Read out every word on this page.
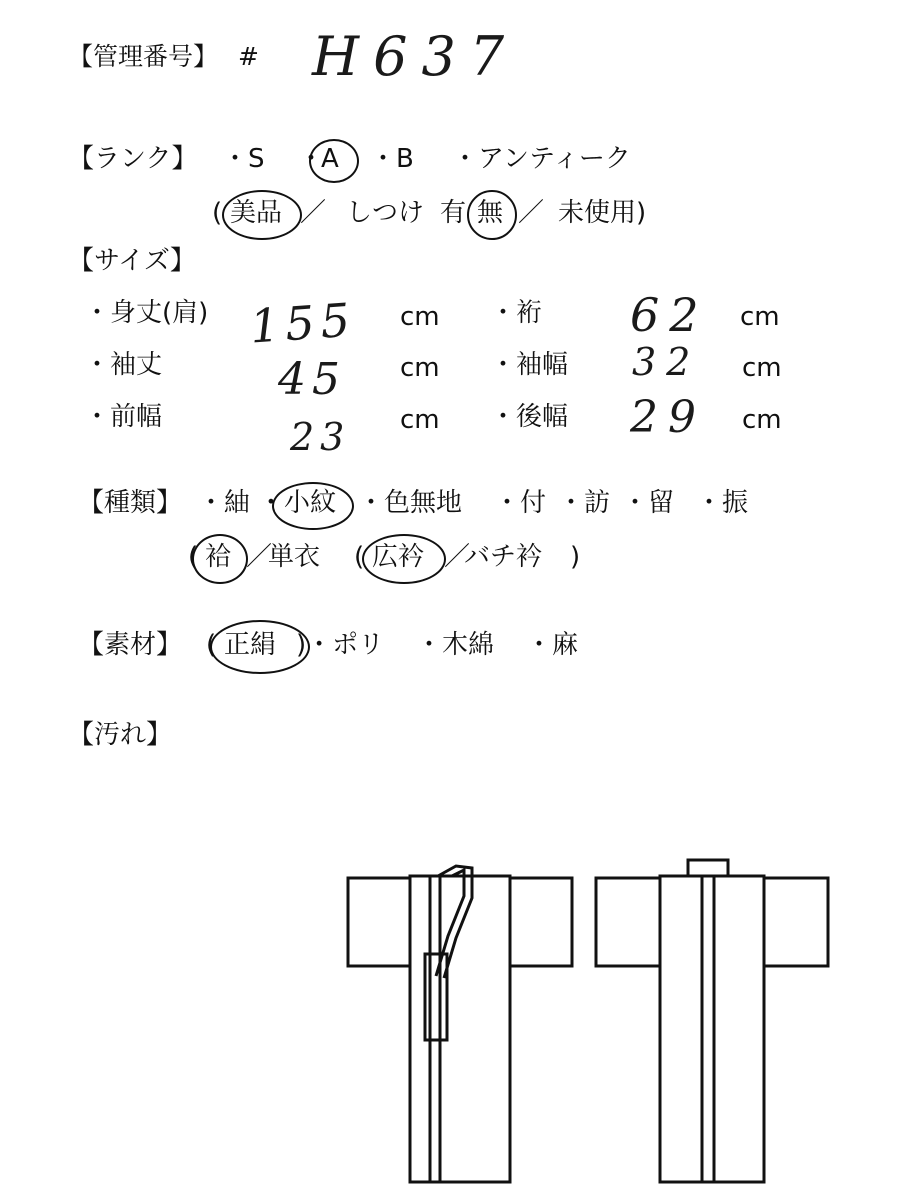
【管理番号】 # H637
【ランク】 ・S ・
A ・B ・アンティーク
( 美品 ／ しつけ 有 無 ／ 未使用)
【サイズ】
・身丈(肩) 155 cm ・裄 62 cm
・袖丈	45 cm ・袖幅 32 cm
・前幅	23 cm ・後幅 29 cm
【種類】 ・紬 ・ 小紋 ・色無地 ・付 ・訪 ・留 ・振
( 袷 ／
単衣 ( 広衿 ／
バチ衿 )
【素材】 ( 正絹 )・ポリ ・木綿 ・麻
【汚れ】
